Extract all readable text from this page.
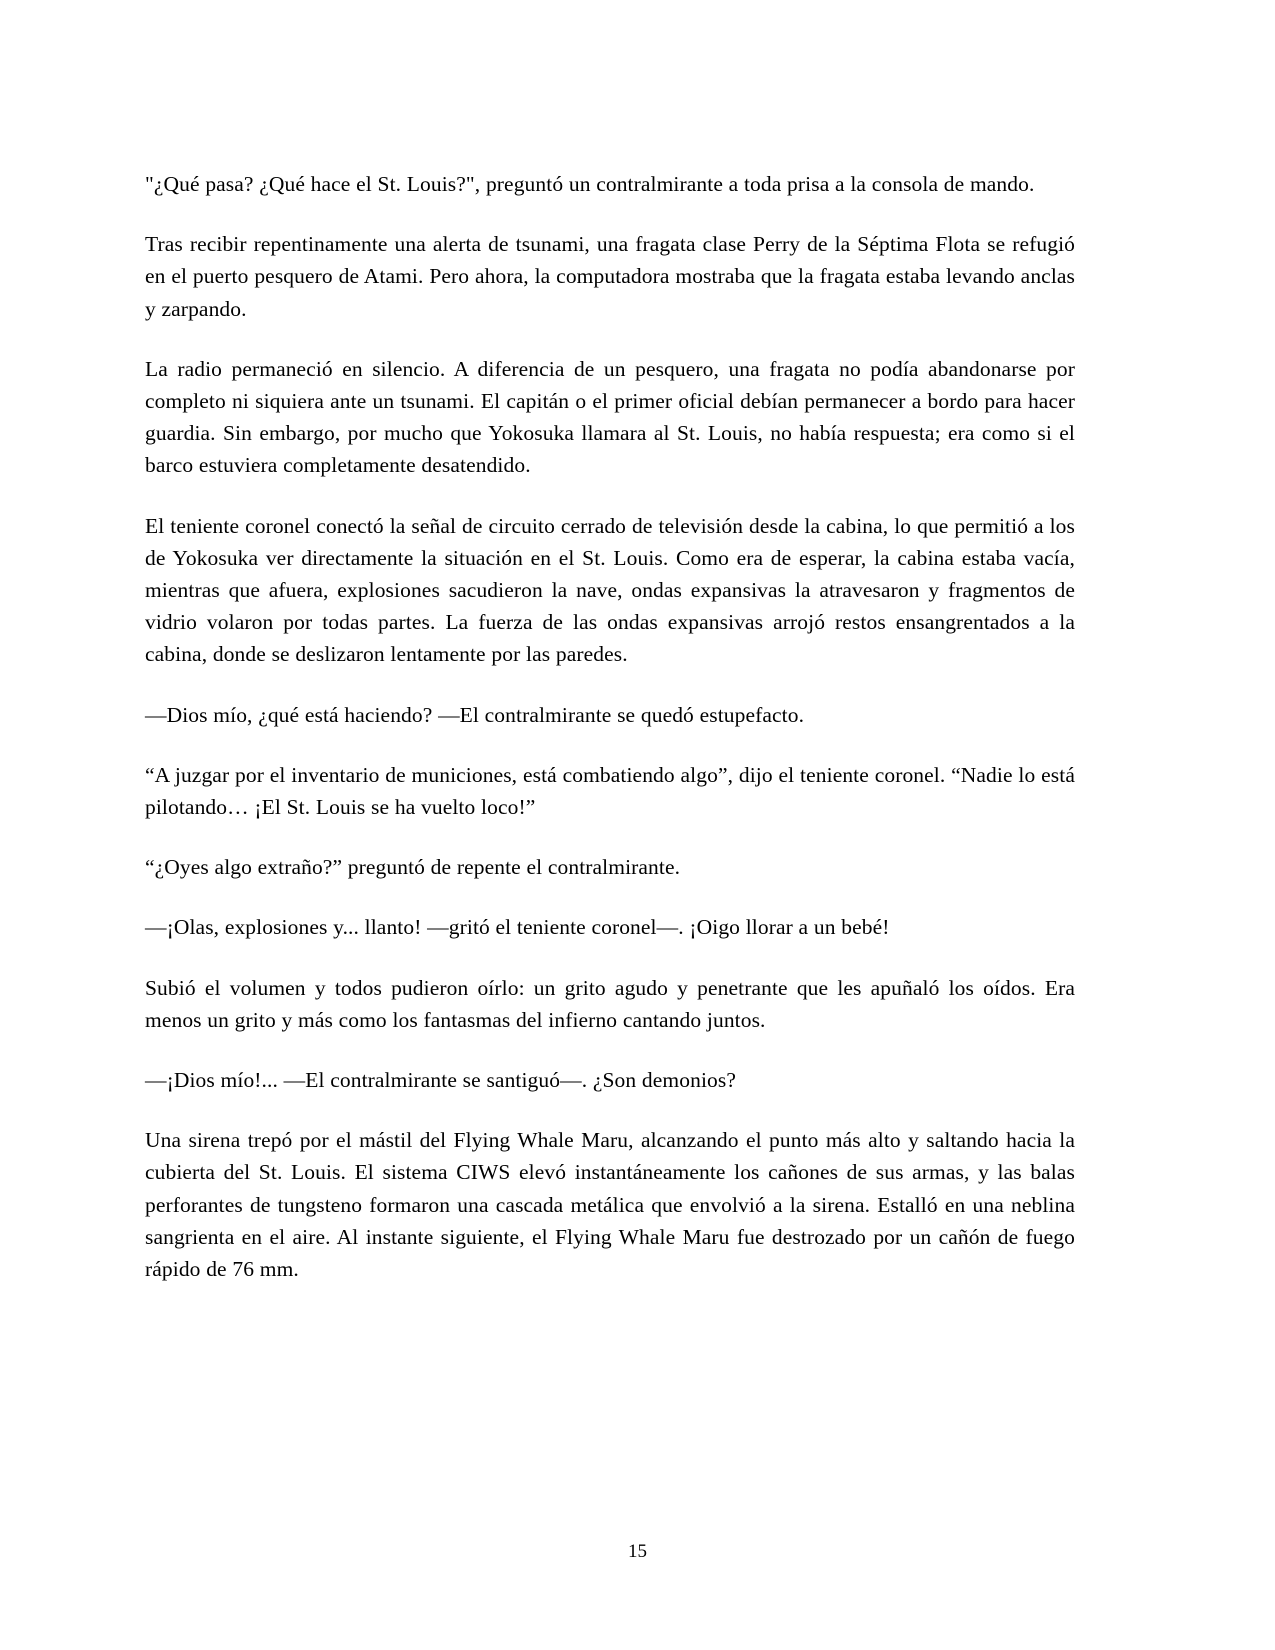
"¿Qué pasa? ¿Qué hace el St. Louis?", preguntó un contralmirante a toda prisa a la consola de mando.

Tras recibir repentinamente una alerta de tsunami, una fragata clase Perry de la Séptima Flota se refugió en el puerto pesquero de Atami. Pero ahora, la computadora mostraba que la fragata estaba levando anclas y zarpando.

La radio permaneció en silencio. A diferencia de un pesquero, una fragata no podía abandonarse por completo ni siquiera ante un tsunami. El capitán o el primer oficial debían permanecer a bordo para hacer guardia. Sin embargo, por mucho que Yokosuka llamara al St. Louis, no había respuesta; era como si el barco estuviera completamente desatendido.

El teniente coronel conectó la señal de circuito cerrado de televisión desde la cabina, lo que permitió a los de Yokosuka ver directamente la situación en el St. Louis. Como era de esperar, la cabina estaba vacía, mientras que afuera, explosiones sacudieron la nave, ondas expansivas la atravesaron y fragmentos de vidrio volaron por todas partes. La fuerza de las ondas expansivas arrojó restos ensangrentados a la cabina, donde se deslizaron lentamente por las paredes.

—Dios mío, ¿qué está haciendo? —El contralmirante se quedó estupefacto.

“A juzgar por el inventario de municiones, está combatiendo algo”, dijo el teniente coronel. “Nadie lo está pilotando… ¡El St. Louis se ha vuelto loco!”

“¿Oyes algo extraño?” preguntó de repente el contralmirante.

—¡Olas, explosiones y... llanto! —gritó el teniente coronel—. ¡Oigo llorar a un bebé!

Subió el volumen y todos pudieron oírlo: un grito agudo y penetrante que les apuñaló los oídos. Era menos un grito y más como los fantasmas del infierno cantando juntos.

—¡Dios mío!... —El contralmirante se santiguó—. ¿Son demonios?

Una sirena trepó por el mástil del Flying Whale Maru, alcanzando el punto más alto y saltando hacia la cubierta del St. Louis. El sistema CIWS elevó instantáneamente los cañones de sus armas, y las balas perforantes de tungsteno formaron una cascada metálica que envolvió a la sirena. Estalló en una neblina sangrienta en el aire. Al instante siguiente, el Flying Whale Maru fue destrozado por un cañón de fuego rápido de 76 mm.

15
